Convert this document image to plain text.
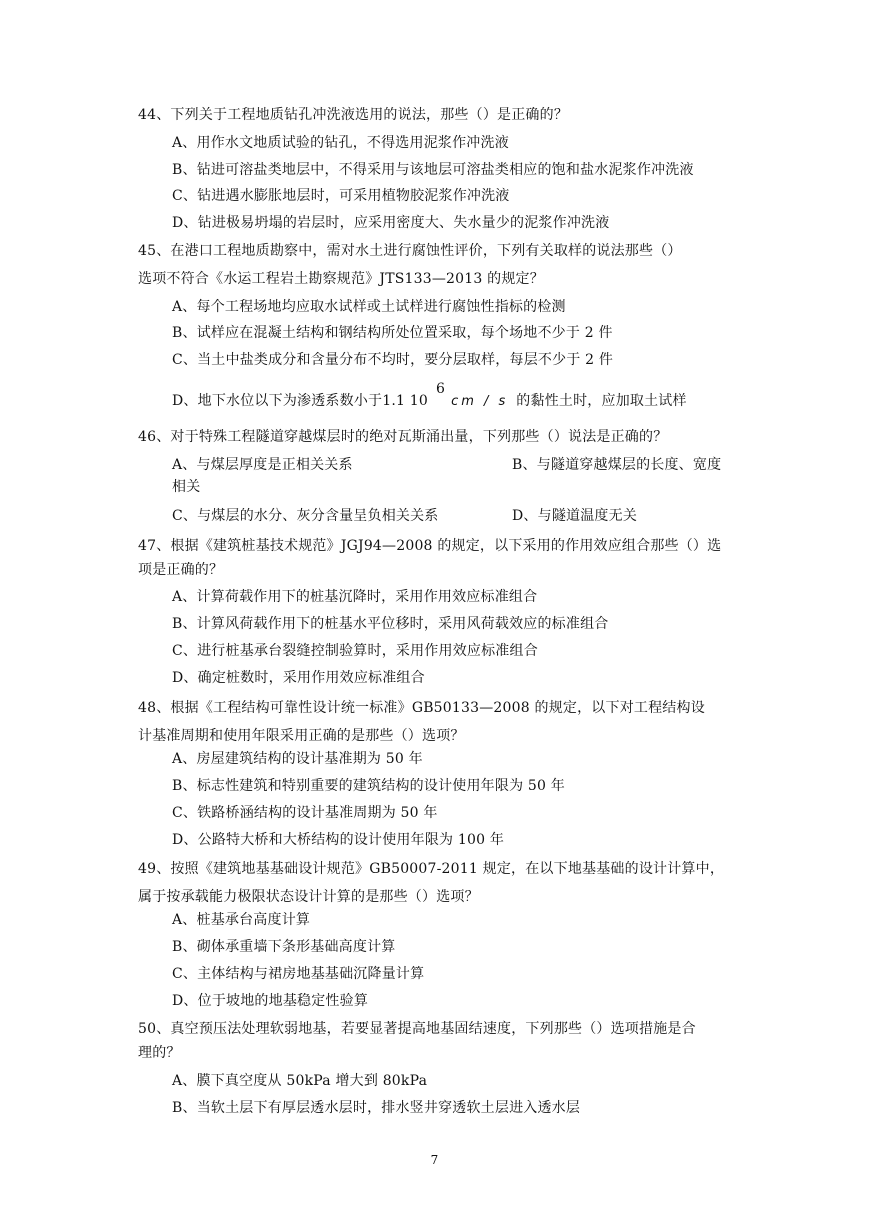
44、下列关于工程地质钻孔冲洗液选用的说法，那些（）是正确的？
A、用作水文地质试验的钻孔，不得选用泥浆作冲洗液
B、钻进可溶盐类地层中，不得采用与该地层可溶盐类相应的饱和盐水泥浆作冲洗液
C、钻进遇水膨胀地层时，可采用植物胶泥浆作冲洗液
D、钻进极易坍塌的岩层时，应采用密度大、失水量少的泥浆作冲洗液
45、在港口工程地质勘察中，需对水土进行腐蚀性评价，下列有关取样的说法那些（）
选项不符合《水运工程岩土勘察规范》JTS133—2013 的规定？
A、每个工程场地均应取水试样或土试样进行腐蚀性指标的检测
B、试样应在混凝土结构和钢结构所处位置采取，每个场地不少于 2 件
C、当土中盐类成分和含量分布不均时，要分层取样，每层不少于 2 件
D、地下水位以下为渗透系数小于1.1 10
6
cm / s 的黏性土时，应加取土试样
46、对于特殊工程隧道穿越煤层时的绝对瓦斯涌出量，下列那些（）说法是正确的？
A、与煤层厚度是正相关关系	B、与隧道穿越煤层的长度、宽度
相关
C、与煤层的水分、灰分含量呈负相关关系	D、与隧道温度无关
47、根据《建筑桩基技术规范》JGJ94—2008 的规定，以下采用的作用效应组合那些（）选
项是正确的？
A、计算荷载作用下的桩基沉降时，采用作用效应标准组合
B、计算风荷载作用下的桩基水平位移时，采用风荷载效应的标准组合
C、进行桩基承台裂缝控制验算时，采用作用效应标准组合
D、确定桩数时，采用作用效应标准组合
48、根据《工程结构可靠性设计统一标准》GB50133—2008 的规定，以下对工程结构设
计基准周期和使用年限采用正确的是那些（）选项？
A、房屋建筑结构的设计基准期为 50 年
B、标志性建筑和特别重要的建筑结构的设计使用年限为 50 年
C、铁路桥涵结构的设计基准周期为 50 年
D、公路特大桥和大桥结构的设计使用年限为 100 年
49、按照《建筑地基基础设计规范》GB50007-2011 规定，在以下地基基础的设计计算中，
属于按承载能力极限状态设计计算的是那些（）选项？
A、桩基承台高度计算
B、砌体承重墙下条形基础高度计算
C、主体结构与裙房地基基础沉降量计算
D、位于坡地的地基稳定性验算
50、真空预压法处理软弱地基，若要显著提高地基固结速度，下列那些（）选项措施是合
理的？
A、膜下真空度从 50kPa 增大到 80kPa
B、当软土层下有厚层透水层时，排水竖井穿透软土层进入透水层
7
